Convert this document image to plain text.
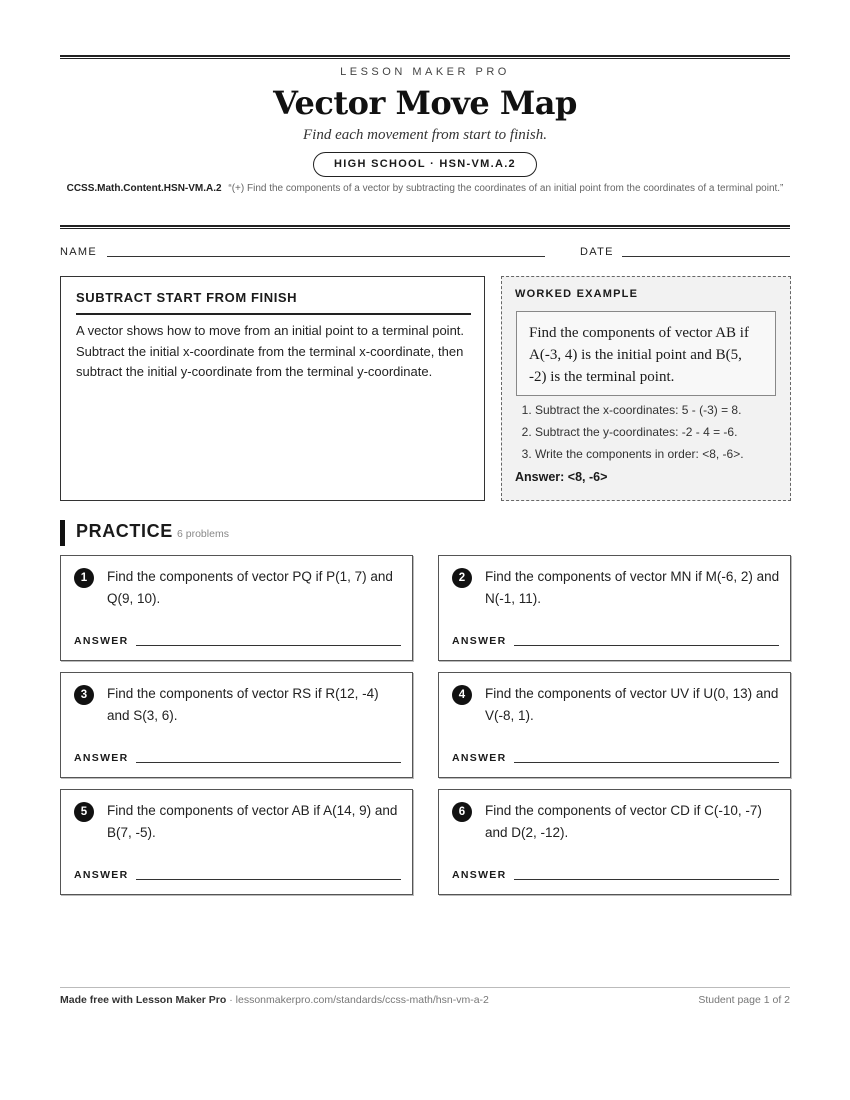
LESSON MAKER PRO
Vector Move Map
Find each movement from start to finish.
HIGH SCHOOL · HSN-VM.A.2
CCSS.Math.Content.HSN-VM.A.2 “(+) Find the components of a vector by subtracting the coordinates of an initial point from the coordinates of a terminal point.”
NAME	DATE
SUBTRACT START FROM FINISH

A vector shows how to move from an initial point to a terminal point. Subtract the initial x-coordinate from the terminal x-coordinate, then subtract the initial y-coordinate from the terminal y-coordinate.

WORKED EXAMPLE
Find the components of vector AB if A(-3, 4) is the initial point and B(5, -2) is the terminal point.
1. Subtract the x-coordinates: 5 - (-3) = 8.
2. Subtract the y-coordinates: -2 - 4 = -6.
3. Write the components in order: <8, -6>.
Answer: <8, -6>
PRACTICE 6 problems
1	Find the components of vector PQ if P(1, 7) and Q(9, 10).
ANSWER
2	Find the components of vector MN if M(-6, 2) and N(-1, 11).
ANSWER
3	Find the components of vector RS if R(12, -4) and S(3, 6).
ANSWER
4	Find the components of vector UV if U(0, 13) and V(-8, 1).
ANSWER
5	Find the components of vector AB if A(14, 9) and B(7, -5).
ANSWER
6	Find the components of vector CD if C(-10, -7) and D(2, -12).
ANSWER
Made free with Lesson Maker Pro · lessonmakerpro.com/standards/ccss-math/hsn-vm-a-2	Student page 1 of 2
